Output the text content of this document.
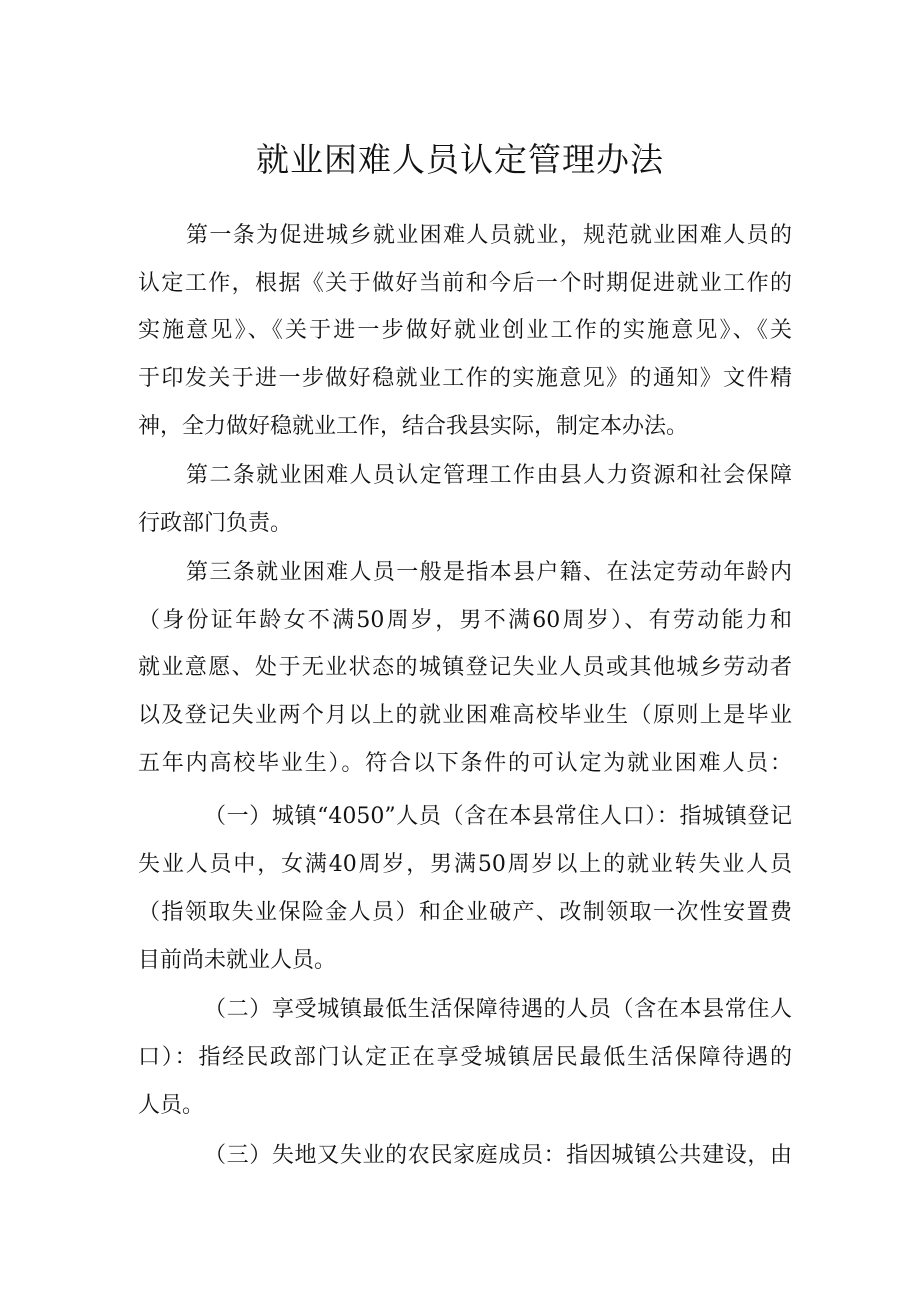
就业困难人员认定管理办法
第一条为促进城乡就业困难人员就业，规范就业困难人员的
认定工作，根据《关于做好当前和今后一个时期促进就业工作的
实施意见》、《关于进一步做好就业创业工作的实施意见》、《关
于印发关于进一步做好稳就业工作的实施意见》的通知》文件精
神，全力做好稳就业工作，结合我县实际，制定本办法。
第二条就业困难人员认定管理工作由县人力资源和社会保障
行政部门负责。
第三条就业困难人员一般是指本县户籍、在法定劳动年龄内
（身份证年龄女不满50周岁，男不满60周岁）、有劳动能力和
就业意愿、处于无业状态的城镇登记失业人员或其他城乡劳动者
以及登记失业两个月以上的就业困难高校毕业生（原则上是毕业
五年内高校毕业生）。符合以下条件的可认定为就业困难人员：
（一）城镇“4050”人员（含在本县常住人口）：指城镇登记
失业人员中，女满40周岁，男满50周岁以上的就业转失业人员
（指领取失业保险金人员）和企业破产、改制领取一次性安置费
目前尚未就业人员。
（二）享受城镇最低生活保障待遇的人员（含在本县常住人
口）：指经民政部门认定正在享受城镇居民最低生活保障待遇的
人员。
（三）失地又失业的农民家庭成员：指因城镇公共建设，由
